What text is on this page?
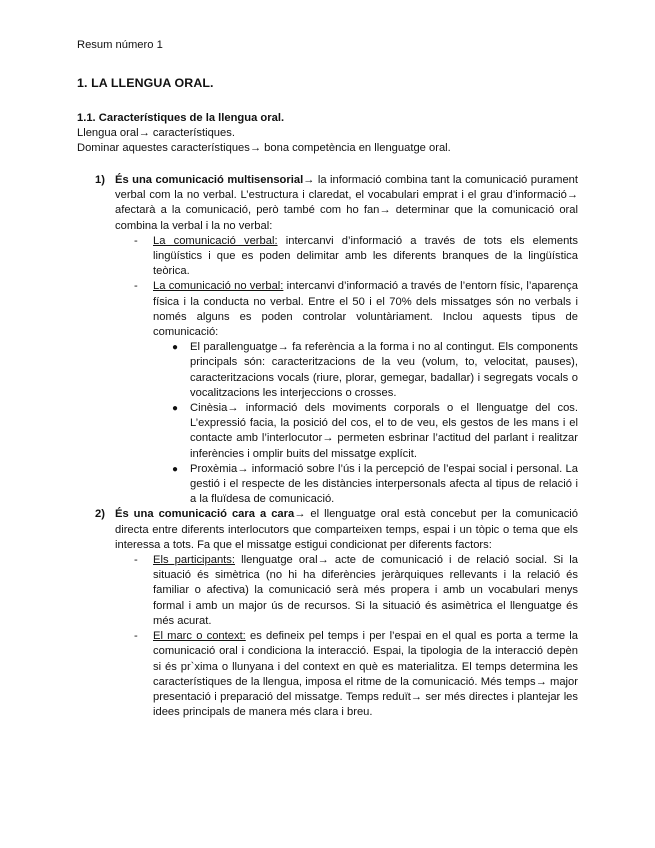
Resum número 1
1. LA LLENGUA ORAL.
1.1. Característiques de la llengua oral.
Llengua oral→ característiques.
Dominar aquestes característiques→ bona competència en llenguatge oral.
1) És una comunicació multisensorial→ la informació combina tant la comunicació purament verbal com la no verbal. L’estructura i claredat, el vocabulari emprat i el grau d’informació→ afectarà a la comunicació, però també com ho fan→ determinar que la comunicació oral combina la verbal i la no verbal:
- La comunicació verbal: intercanvi d’informació a través de tots els elements lingüístics i que es poden delimitar amb les diferents branques de la lingüística teòrica.
- La comunicació no verbal: intercanvi d’informació a través de l’entorn físic, l’aparença física i la conducta no verbal. Entre el 50 i el 70% dels missatges són no verbals i només alguns es poden controlar voluntàriament. Inclou aquests tipus de comunicació:
● El parallenguatge→ fa referència a la forma i no al contingut. Els components principals són: caracteritzacions de la veu (volum, to, velocitat, pauses), caracteritzacions vocals (riure, plorar, gemegar, badallar) i segregats vocals o vocalitzacions les interjeccions o crosses.
● Cinèsia→ informació dels moviments corporals o el llenguatge del cos. L’expressió facia, la posició del cos, el to de veu, els gestos de les mans i el contacte amb l’interlocutor→ permeten esbrinar l’actitud del parlant i realitzar inferències i omplir buits del missatge explícit.
● Proxèmia→ informació sobre l’ús i la percepció de l’espai social i personal. La gestió i el respecte de les distàncies interpersonals afecta al tipus de relació i a la fluïdesa de comunicació.
2) És una comunicació cara a cara→ el llenguatge oral està concebut per la comunicació directa entre diferents interlocutors que comparteixen temps, espai i un tòpic o tema que els interessa a tots. Fa que el missatge estigui condicionat per diferents factors:
- Els participants: llenguatge oral→ acte de comunicació i de relació social. Si la situació és simètrica (no hi ha diferències jeràrquiques rellevants i la relació és familiar o afectiva) la comunicació serà més propera i amb un vocabulari menys formal i amb un major ús de recursos. Si la situació és asimètrica el llenguatge és més acurat.
- El marc o context: es defineix pel temps i per l’espai en el qual es porta a terme la comunicació oral i condiciona la interacció. Espai, la tipologia de la interacció depèn si és pr`xima o llunyana i del context en què es materialitza. El temps determina les característiques de la llengua, imposa el ritme de la comunicació. Més temps→ major presentació i preparació del missatge. Temps reduït→ ser més directes i plantejar les idees principals de manera més clara i breu.
